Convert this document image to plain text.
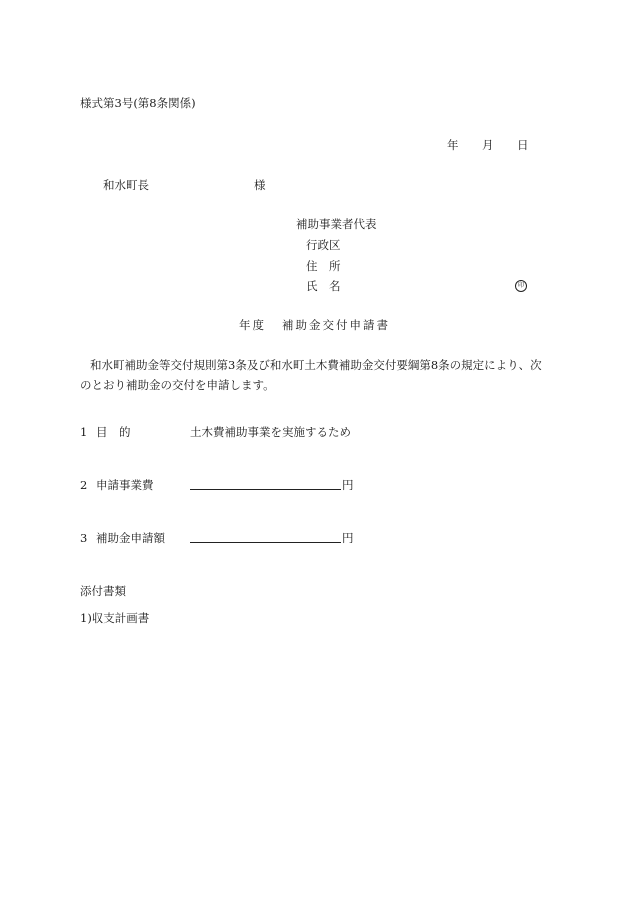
様式第3号(第8条関係)
年 月 日
和水町長	様
補助事業者代表
行政区
住　所
氏　名	印
年度 補助金交付申請書
和水町補助金等交付規則第3条及び和水町土木費補助金交付要綱第8条の規定により、次
のとおり補助金の交付を申請します。
1 目　的	土木費補助事業を実施するため
2 申請事業費	円
3 補助金申請額	円
添付書類
1)収支計画書
